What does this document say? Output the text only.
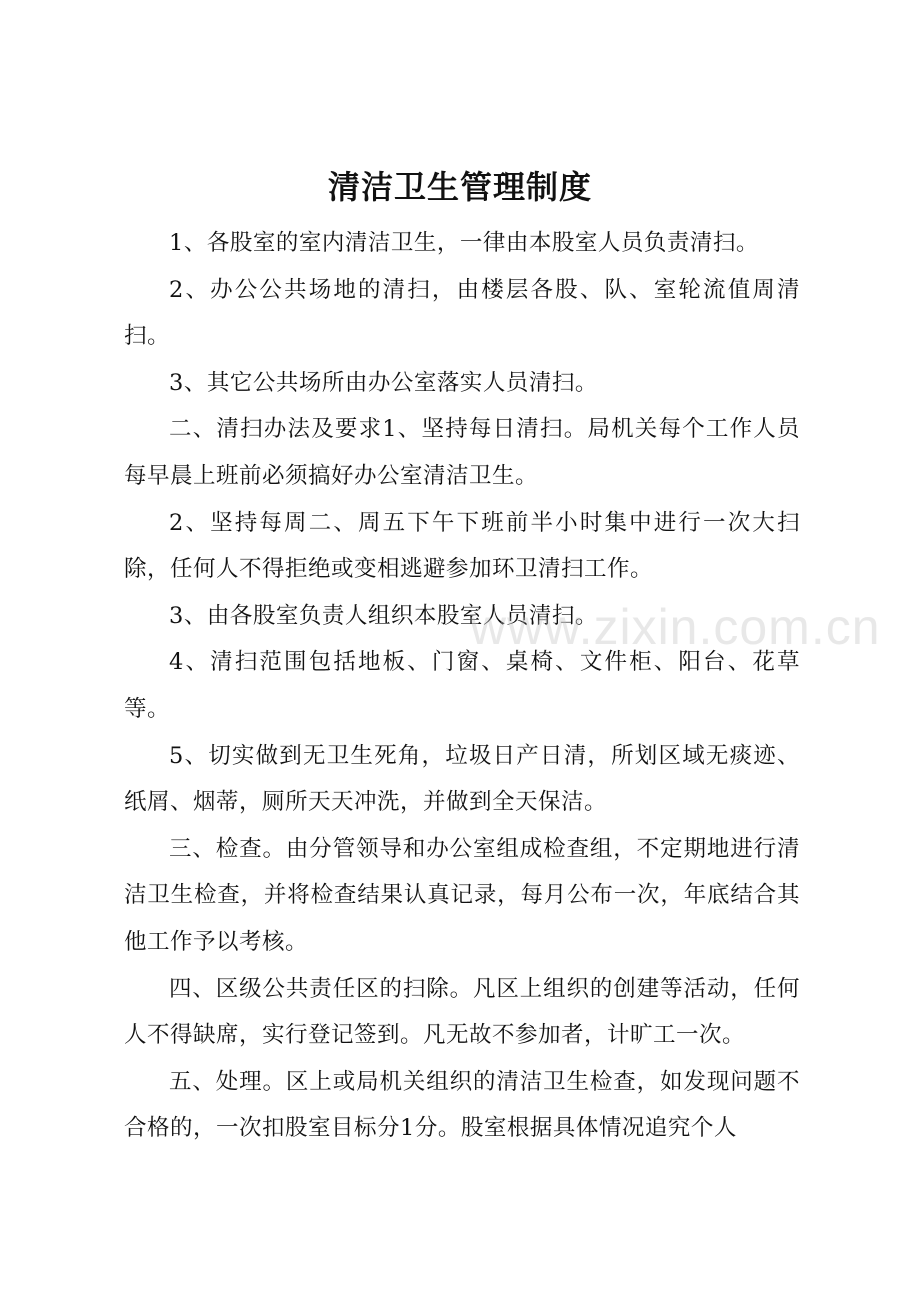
清洁卫生管理制度

1、各股室的室内清洁卫生，一律由本股室人员负责清扫。

2、办公公共场地的清扫，由楼层各股、队、室轮流值周清扫。

3、其它公共场所由办公室落实人员清扫。

二、清扫办法及要求1、坚持每日清扫。局机关每个工作人员每早晨上班前必须搞好办公室清洁卫生。

2、坚持每周二、周五下午下班前半小时集中进行一次大扫除，任何人不得拒绝或变相逃避参加环卫清扫工作。

3、由各股室负责人组织本股室人员清扫。

4、清扫范围包括地板、门窗、桌椅、文件柜、阳台、花草等。

5、切实做到无卫生死角，垃圾日产日清，所划区域无痰迹、纸屑、烟蒂，厕所天天冲洗，并做到全天保洁。

三、检查。由分管领导和办公室组成检查组，不定期地进行清洁卫生检查，并将检查结果认真记录，每月公布一次，年底结合其他工作予以考核。

四、区级公共责任区的扫除。凡区上组织的创建等活动，任何人不得缺席，实行登记签到。凡无故不参加者，计旷工一次。

五、处理。区上或局机关组织的清洁卫生检查，如发现问题不合格的，一次扣股室目标分1分。股室根据具体情况追究个人

www.zixin.com.cn
